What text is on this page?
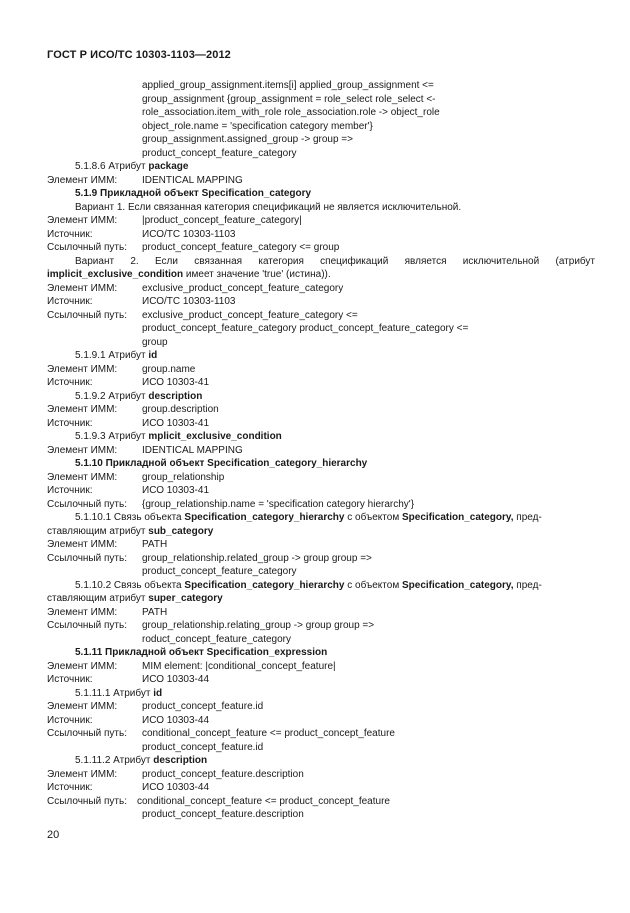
ГОСТ Р ИСО/ТС 10303-1103—2012
applied_group_assignment.items[i] applied_group_assignment <=
group_assignment {group_assignment = role_select role_select <-
role_association.item_with_role role_association.role -> object_role
object_role.name = 'specification category member'}
group_assignment.assigned_group -> group =>
product_concept_feature_category
5.1.8.6 Атрибут package
Элемент ИММ: IDENTICAL MAPPING
5.1.9 Прикладной объект Specification_category
Вариант 1. Если связанная категория спецификаций не является исключительной.
Элемент ИММ: |product_concept_feature_category|
Источник:	ИСО/ТС 10303-1103
Ссылочный путь: product_concept_feature_category <= group
Вариант 2. Если связанная категория спецификаций является исключительной (атрибут
implicit_exclusive_condition имеет значение 'true' (истина)).
Элемент ИММ: exclusive_product_concept_feature_category
Источник:	ИСО/ТС 10303-1103
Ссылочный путь: exclusive_product_concept_feature_category <=
product_concept_feature_category product_concept_feature_category <=
group
5.1.9.1 Атрибут id
Элемент ИММ: group.name
Источник:	ИСО 10303-41
5.1.9.2 Атрибут description
Элемент ИММ: group.description
Источник:	ИСО 10303-41
5.1.9.3 Атрибут mplicit_exclusive_condition
Элемент ИММ: IDENTICAL MAPPING
5.1.10 Прикладной объект Specification_category_hierarchy
Элемент ИММ: group_relationship
Источник:	ИСО 10303-41
Ссылочный путь: {group_relationship.name = 'specification category hierarchy'}
5.1.10.1 Связь объекта Specification_category_hierarchy с объектом Specification_category, пред-
ставляющим атрибут sub_category
Элемент ИММ: PATH
Ссылочный путь: group_relationship.related_group -> group group =>
product_concept_feature_category
5.1.10.2 Связь объекта Specification_category_hierarchy с объектом Specification_category, пред-
ставляющим атрибут super_category
Элемент ИММ: PATH
Ссылочный путь: group_relationship.relating_group -> group group =>
roduct_concept_feature_category
5.1.11 Прикладной объект Specification_expression
Элемент ИММ: MIM element: |conditional_concept_feature|
Источник:	ИСО 10303-44
5.1.11.1 Атрибут id
Элемент ИММ: product_concept_feature.id
Источник:	ИСО 10303-44
Ссылочный путь: conditional_concept_feature <= product_concept_feature
product_concept_feature.id
5.1.11.2 Атрибут description
Элемент ИММ: product_concept_feature.description
Источник:	ИСО 10303-44
Ссылочный путь: conditional_concept_feature <= product_concept_feature
product_concept_feature.description
20
